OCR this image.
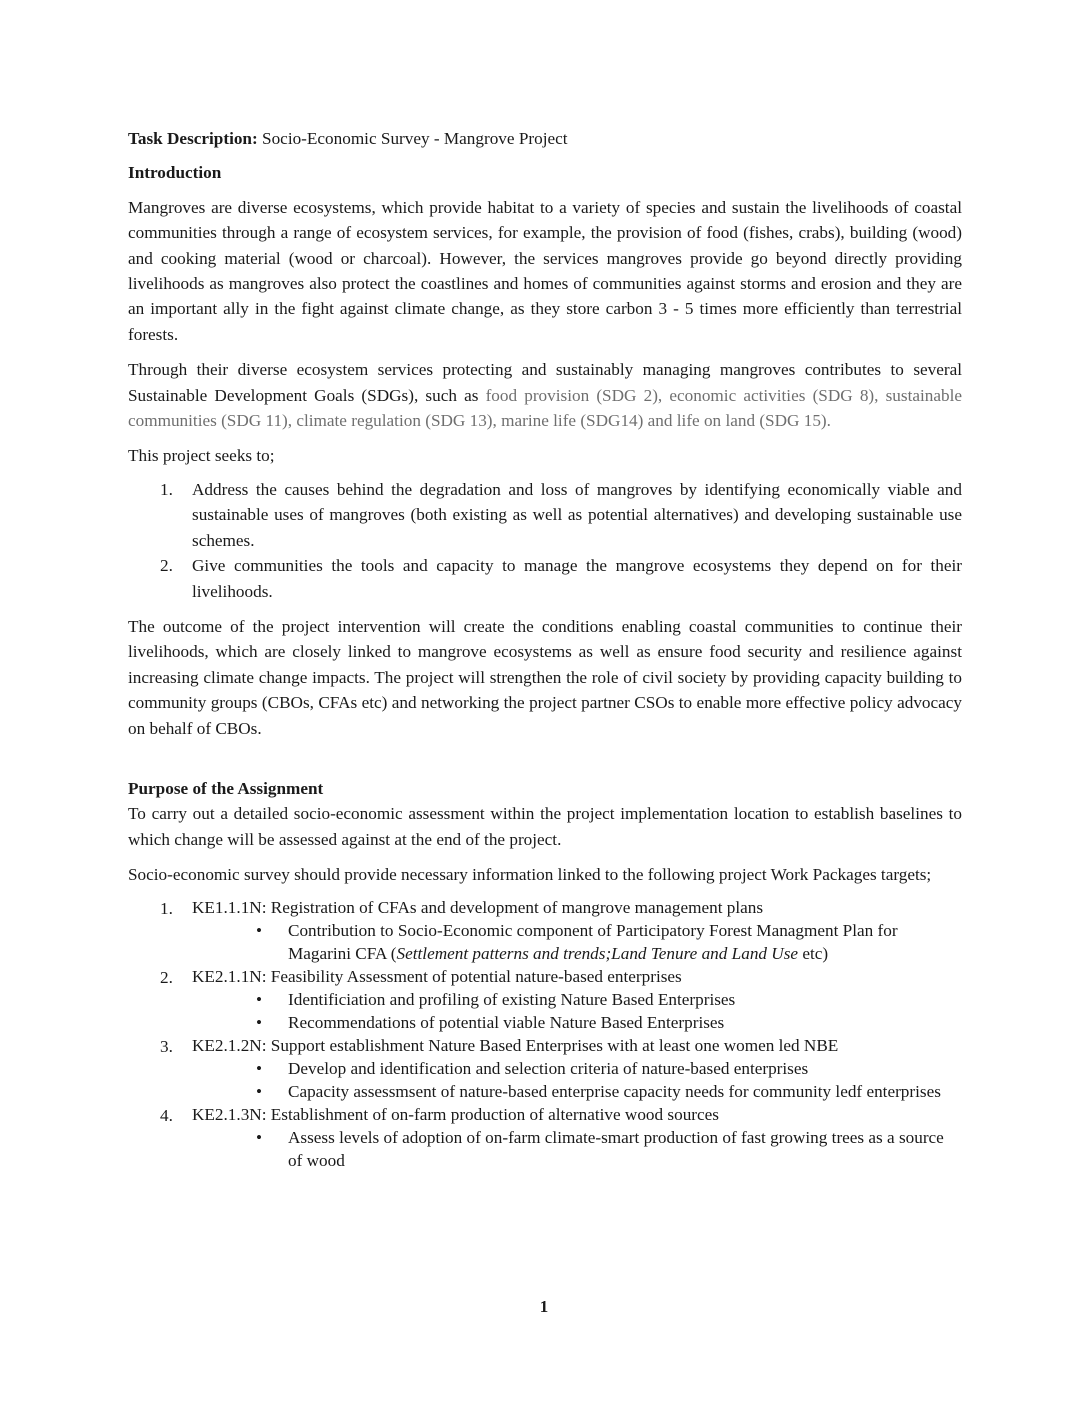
Task Description: Socio-Economic Survey - Mangrove Project

Introduction

Mangroves are diverse ecosystems, which provide habitat to a variety of species and sustain the livelihoods of coastal communities through a range of ecosystem services, for example, the provision of food (fishes, crabs), building (wood) and cooking material (wood or charcoal). However, the services mangroves provide go beyond directly providing livelihoods as mangroves also protect the coastlines and homes of communities against storms and erosion and they are an important ally in the fight against climate change, as they store carbon 3 - 5 times more efficiently than terrestrial forests.

Through their diverse ecosystem services protecting and sustainably managing mangroves contributes to several Sustainable Development Goals (SDGs), such as food provision (SDG 2), economic activities (SDG 8), sustainable communities (SDG 11), climate regulation (SDG 13), marine life (SDG14) and life on land (SDG 15).

This project seeks to;

1. Address the causes behind the degradation and loss of mangroves by identifying economically viable and sustainable uses of mangroves (both existing as well as potential alternatives) and developing sustainable use schemes.
2. Give communities the tools and capacity to manage the mangrove ecosystems they depend on for their livelihoods.

The outcome of the project intervention will create the conditions enabling coastal communities to continue their livelihoods, which are closely linked to mangrove ecosystems as well as ensure food security and resilience against increasing climate change impacts. The project will strengthen the role of civil society by providing capacity building to community groups (CBOs, CFAs etc) and networking the project partner CSOs to enable more effective policy advocacy on behalf of CBOs.

Purpose of the Assignment

To carry out a detailed socio-economic assessment within the project implementation location to establish baselines to which change will be assessed against at the end of the project.

Socio-economic survey should provide necessary information linked to the following project Work Packages targets;

1. KE1.1.1N: Registration of CFAs and development of mangrove management plans
• Contribution to Socio-Economic component of Participatory Forest Managment Plan for Magarini CFA (Settlement patterns and trends;Land Tenure and Land Use etc)
2. KE2.1.1N: Feasibility Assessment of potential nature-based enterprises
• Identificiation and profiling of existing Nature Based Enterprises
• Recommendations of potential viable Nature Based Enterprises
3. KE2.1.2N: Support establishment Nature Based Enterprises with at least one women led NBE
• Develop and identification and selection criteria of nature-based enterprises
• Capacity assessmsent of nature-based enterprise capacity needs for community ledf enterprises
4. KE2.1.3N: Establishment of on-farm production of alternative wood sources
• Assess levels of adoption of on-farm climate-smart production of fast growing trees as a source of wood
1
